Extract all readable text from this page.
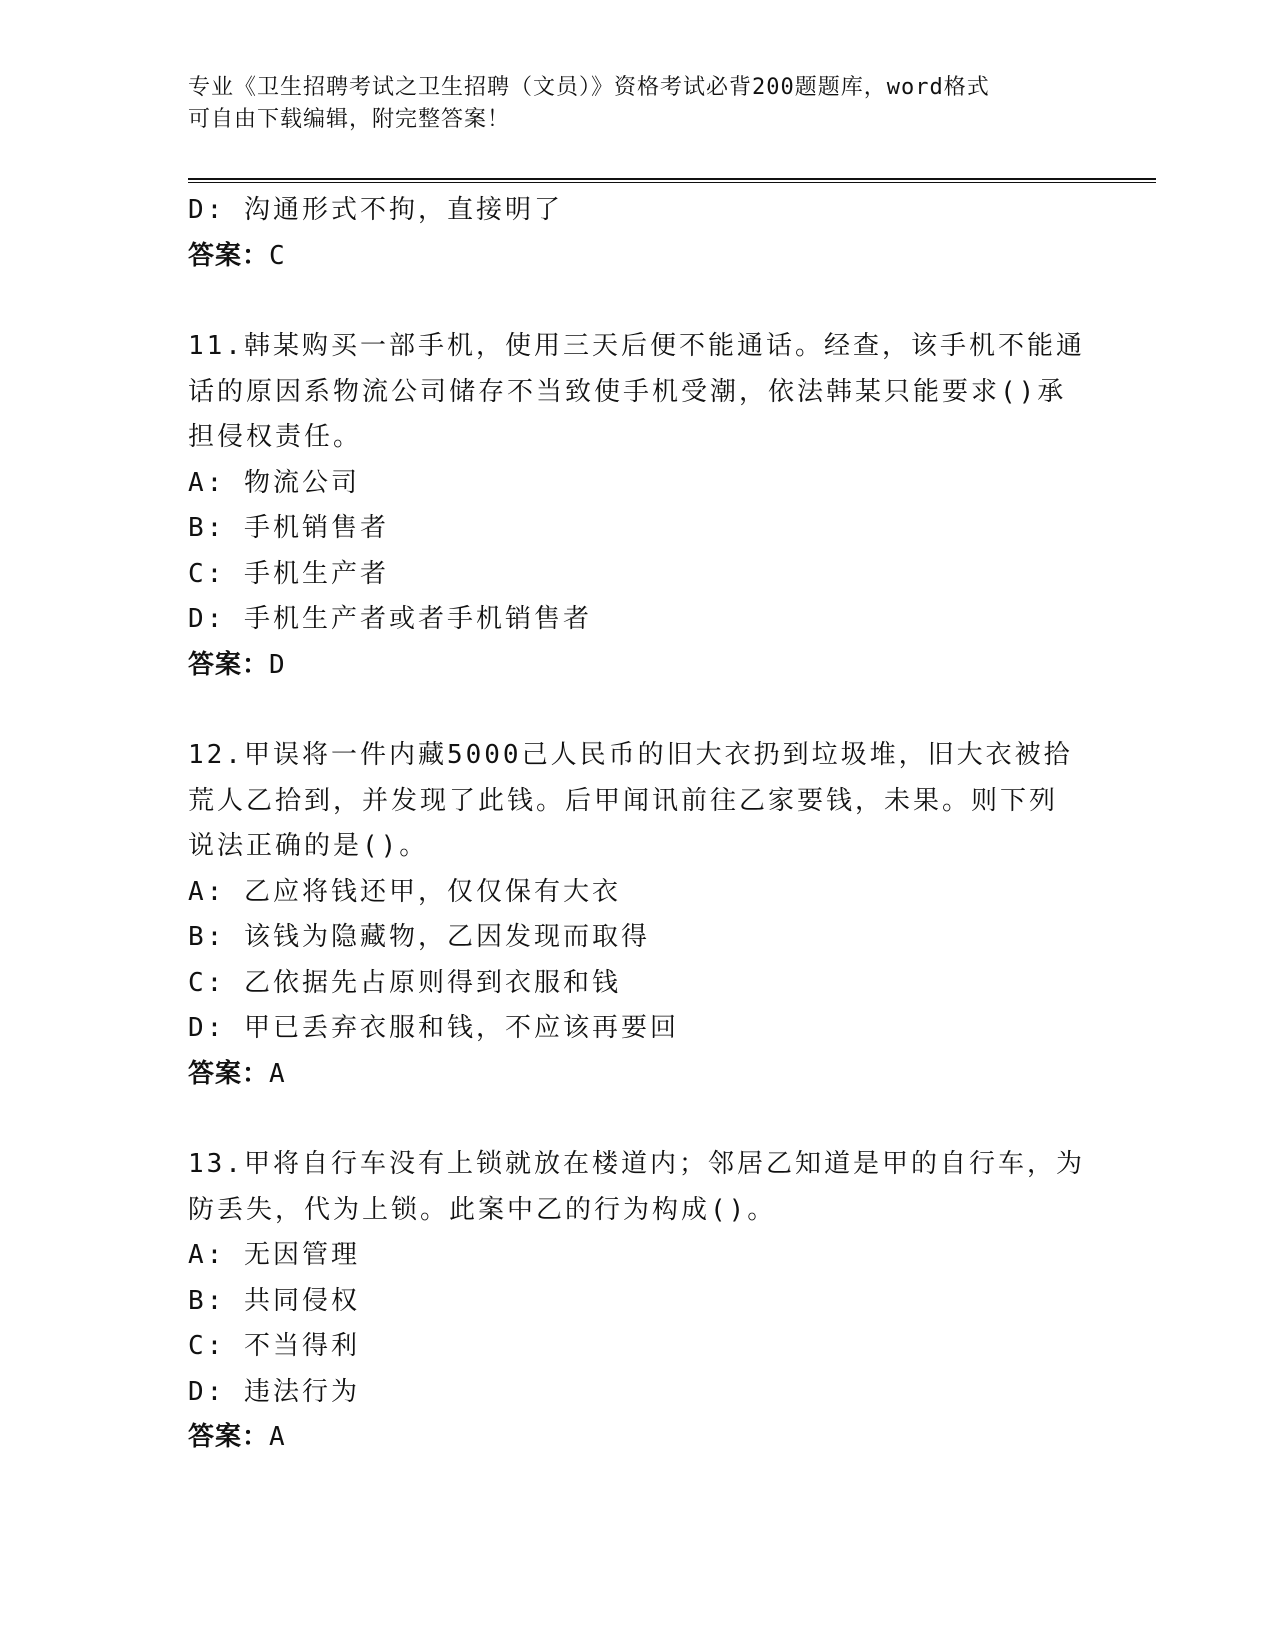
专业《卫生招聘考试之卫生招聘（文员）》资格考试必背200题题库，word格式
可自由下载编辑，附完整答案！
D: 沟通形式不拘，直接明了
答案：C
11.韩某购买一部手机，使用三天后便不能通话。经查，该手机不能通
话的原因系物流公司储存不当致使手机受潮，依法韩某只能要求()承
担侵权责任。
A: 物流公司
B: 手机销售者
C: 手机生产者
D: 手机生产者或者手机销售者
答案：D
12.甲误将一件内藏5000己人民币的旧大衣扔到垃圾堆，旧大衣被拾
荒人乙拾到，并发现了此钱。后甲闻讯前往乙家要钱，未果。则下列
说法正确的是()。
A: 乙应将钱还甲，仅仅保有大衣
B: 该钱为隐藏物，乙因发现而取得
C: 乙依据先占原则得到衣服和钱
D: 甲已丢弃衣服和钱，不应该再要回
答案：A
13.甲将自行车没有上锁就放在楼道内；邻居乙知道是甲的自行车，为
防丢失，代为上锁。此案中乙的行为构成()。
A: 无因管理
B: 共同侵权
C: 不当得利
D: 违法行为
答案：A
